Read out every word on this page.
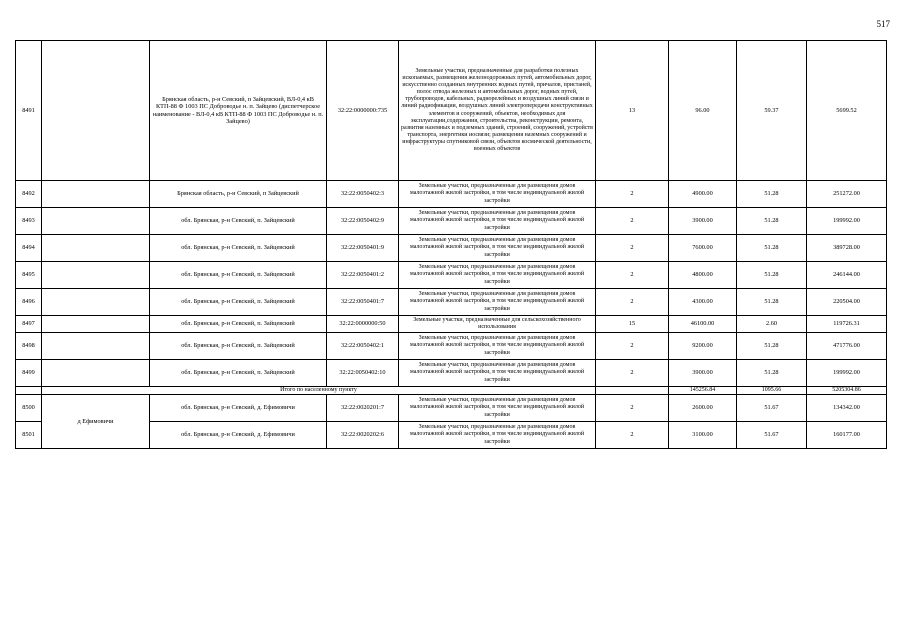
517
8491		Брянская область, р-н Севский, п Зайцевский, ВЛ-0,4 кВ КТП-88 Ф 1003 ПС Доброводье н. п. Зайцево (диспетчерское наименование - ВЛ-0,4 кВ КТП-88 Ф 1003 ПС Добровoдье н. п. Зайцево)	32:22:0000000:735	Земельные участки, предназначенные для разработки полезных ископаемых, размещения железнодорожных путей, автомобильных дорог, искусственно созданных внутренних водных путей, причалов, пристаней, полос отвода железных и автомобильных дорог, водных путей, трубопроводов, кабельных, радиорелейных и воздушных линий связи и линий радиофикации, воздушных линий электропередачи конструктивных элементов и сооружений, объектов, необходимых для эксплуатации,содержания, строительства, реконструкции, ремонта, развития наземных и подземных зданий, строений, сооружений, устройств транспорта, энергетики иосвязи; размещения наземных сооружений и инфраструктуры спутниковой связи, объектов космической деятельности, военных объектов	13	96.00	59.37	5699.52
8492		Брянская область, р-н Севский, п Зайцевский	32:22:0050402:3	Земельные участки, предназначенные для размещения домов малоэтажной жилой застройки, в том числе индивидуальной жилой застройки	2	4900.00	51.28	251272.00
8493		обл. Брянская, р-н Севский, п. Зайцевский	32:22:0050402:9	Земельные участки, предназначенные для размещения домов малоэтажной жилой застройки, в том числе индивидуальной жилой застройки	2	3900.00	51.28	199992.00
8494		обл. Брянская, р-н Севский, п. Зайцевский	32:22:0050401:9	Земельные участки, предназначенные для размещения домов малоэтажной жилой застройки, в том числе индивидуальной жилой застройки	2	7600.00	51.28	389728.00
8495		обл. Брянская, р-н Севский, п. Зайцевский	32:22:0050401:2	Земельные участки, предназначенные для размещения домов малоэтажной жилой застройки, в том числе индивидуальной жилой застройки	2	4800.00	51.28	246144.00
8496		обл. Брянская, р-н Севский, п. Зайцевский	32:22:0050401:7	Земельные участки, предназначенные для размещения домов малоэтажной жилой застройки, в том числе индивидуальной жилой застройки	2	4300.00	51.28	220504.00
8497		обл. Брянская, р-н Севский, п. Зайцевский	32:22:0000000:50	Земельные участки, предназначенные для сельскохозяйственного использования	15	46100.00	2.60	119726.31
8498		обл. Брянская, р-н Севский, п. Зайцевский	32:22:0050402:1	Земельные участки, предназначенные для размещения домов малоэтажной жилой застройки, в том числе индивидуальной жилой застройки	2	9200.00	51.28	471776.00
8499		обл. Брянская, р-н Севский, п. Зайцевский	32:22:0050402:10	Земельные участки, предназначенные для размещения домов малоэтажной жилой застройки, в том числе индивидуальной жилой застройки	2	3900.00	51.28	199992.00
	Итого по населенному пункту					145256.84	1095.66	5205304.86
8500	д Ефимовичи	обл. Брянская, р-н Севский, д. Ефимовичи	32:22:0020201:7	Земельные участки, предназначенные для размещения домов малоэтажной жилой застройки, в том числе индивидуальной жилой застройки	2	2600.00	51.67	134342.00
8501		обл. Брянская, р-н Севский, д. Ефимовичи	32:22:0020202:6	Земельные участки, предназначенные для размещения домов малоэтажной жилой застройки, в том числе индивидуальной жилой застройки	2	3100.00	51.67	160177.00
